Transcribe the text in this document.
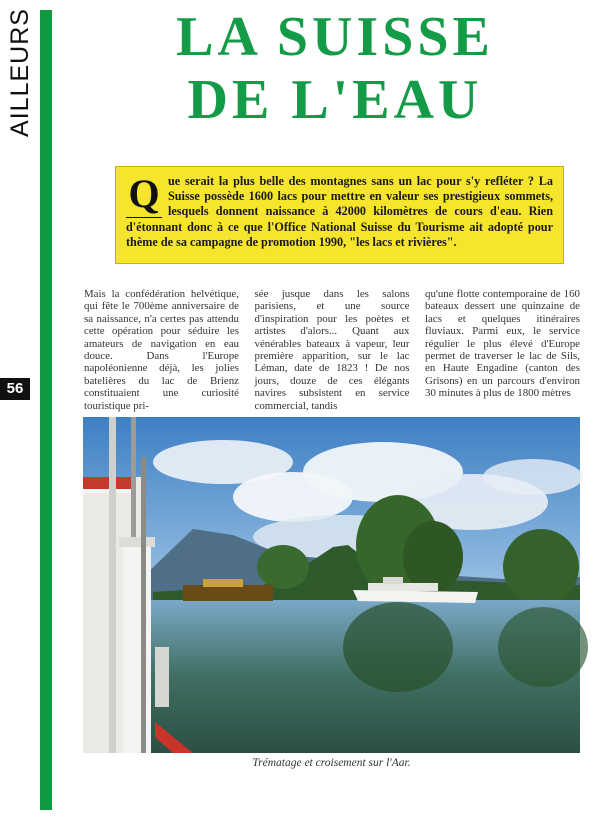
AILLEURS
56
LA SUISSE
DE L'EAU
Q ue serait la plus belle des montagnes sans un lac pour s'y refléter ? La Suisse possède 1600 lacs pour mettre en valeur ses prestigieux sommets, lesquels donnent naissance à 42000 kilomètres de cours d'eau. Rien d'étonnant donc à ce que l'Office National Suisse du Tourisme ait adopté pour thème de sa campagne de promotion 1990, "les lacs et rivières".
Mais la confédération helvétique, qui fête le 700ème anniversaire de sa naissance, n'a certes pas attendu cette opération pour séduire les amateurs de navigation en eau douce. Dans l'Europe napoléonienne déjà, les jolies batelières du lac de Brienz constituaient une curiosité touristique pri-
sée jusque dans les salons parisiens, et une source d'inspiration pour les poètes et artistes d'alors... Quant aux vénérables bateaux à vapeur, leur première apparition, sur le lac Léman, date de 1823 ! De nos jours, douze de ces élégants navires subsistent en service commercial, tandis
qu'une flotte contemporaine de 160 bateaux dessert une quinzaine de lacs et quelques itinéraires fluviaux. Parmi eux, le service régulier le plus élevé d'Europe permet de traverser le lac de Sils, en Haute Engadine (canton des Grisons) en un parcours d'environ 30 minutes à plus de 1800 mètres
Trématage et croisement sur l'Aar.
